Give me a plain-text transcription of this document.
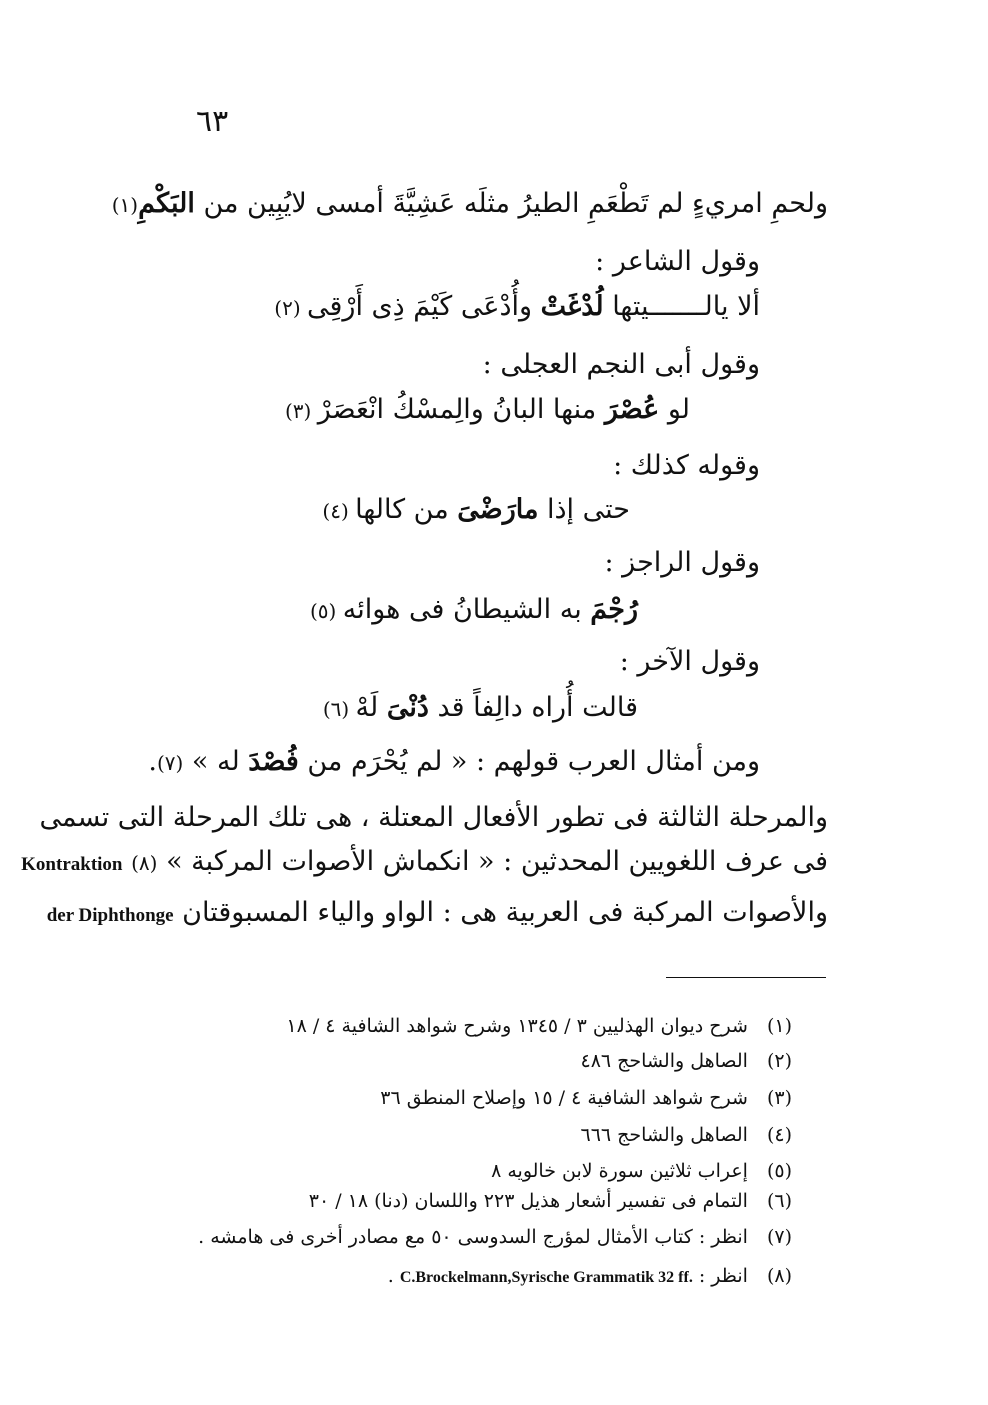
٦٣
ولحمِ امريءٍ لم تَطْعَمِ الطيرُ مثلَه عَشِيَّةَ أمسى لايُبِين من البَكْمِ(١)
وقول الشاعر :
ألا يالـــــــيتها لُدْغَتْ وأُدْعَى كَيْمَ ذِى أَرْقِى (٢)
وقول أبى النجم العجلى :
لو عُصْرَ منها البانُ والِمسْكُ انْعَصَرْ (٣)
وقوله كذلك :
حتى إذا مارَضْىَ من كالها (٤)
وقول الراجز :
رُجْمَ به الشيطانُ فى هوائه (٥)
وقول الآخر :
قالت أُراه دالِفاً قد دُنْىَ لَهْ (٦)
ومن أمثال العرب قولهم : « لم يُحْرَم من فُصْدَ له » (٧).
والمرحلة الثالثة فى تطور الأفعال المعتلة ، هى تلك المرحلة التى تسمى
فى عرف اللغويين المحدثين : « انكماش الأصوات المركبة » (٨) Kontraktion
والأصوات المركبة فى العربية هى : الواو والياء المسبوقتان der Diphthonge
(١) شرح ديوان الهذليين ٣ / ١٣٤٥ وشرح شواهد الشافية ٤ / ١٨
(٢) الصاهل والشاحج ٤٨٦
(٣) شرح شواهد الشافية ٤ / ١٥ وإصلاح المنطق ٣٦
(٤) الصاهل والشاحج ٦٦٦
(٥) إعراب ثلاثين سورة لابن خالويه ٨
(٦) التمام فى تفسير أشعار هذيل ٢٢٣ واللسان (دنا) ١٨ / ٣٠
(٧) انظر : كتاب الأمثال لمؤرج السدوسى ٥٠ مع مصادر أخرى فى هامشه .
(٨) انظر : C.Brockelmann,Syrische Grammatik 32 ff. .
